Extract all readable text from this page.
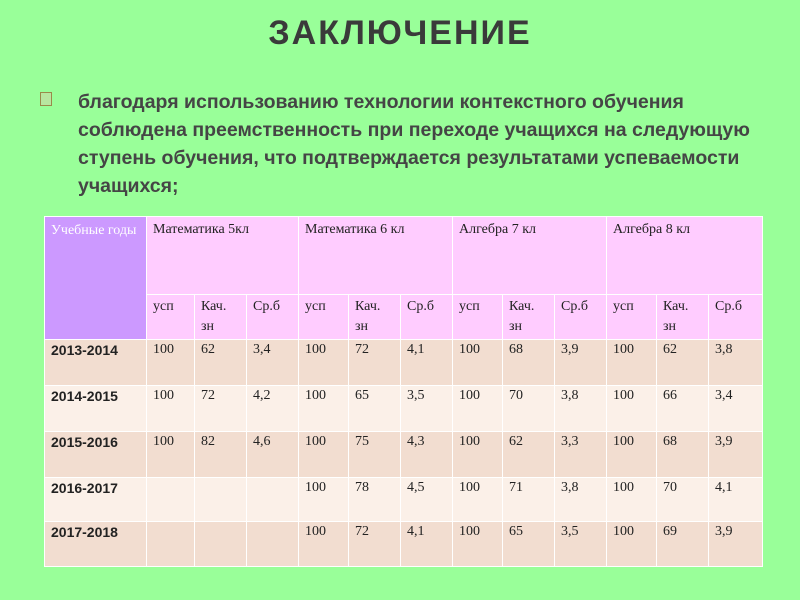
ЗАКЛЮЧЕНИЕ
благодаря использованию технологии контекстного обучения соблюдена преемственность при переходе учащихся на следующую ступень обучения, что подтверждается результатами успеваемости учащихся;
Учебные годы	Математика 5кл			Математика 6 кл			Алгебра 7 кл			Алгебра 8 кл		
	усп	Кач. зн	Ср.б	усп	Кач. зн	Ср.б	усп	Кач. зн	Ср.б	усп	Кач. зн	Ср.б
2013-2014	100	62	3,4	100	72	4,1	100	68	3,9	100	62	3,8
2014-2015	100	72	4,2	100	65	3,5	100	70	3,8	100	66	3,4
2015-2016	100	82	4,6	100	75	4,3	100	62	3,3	100	68	3,9
2016-2017				100	78	4,5	100	71	3,8	100	70	4,1
2017-2018				100	72	4,1	100	65	3,5	100	69	3,9
